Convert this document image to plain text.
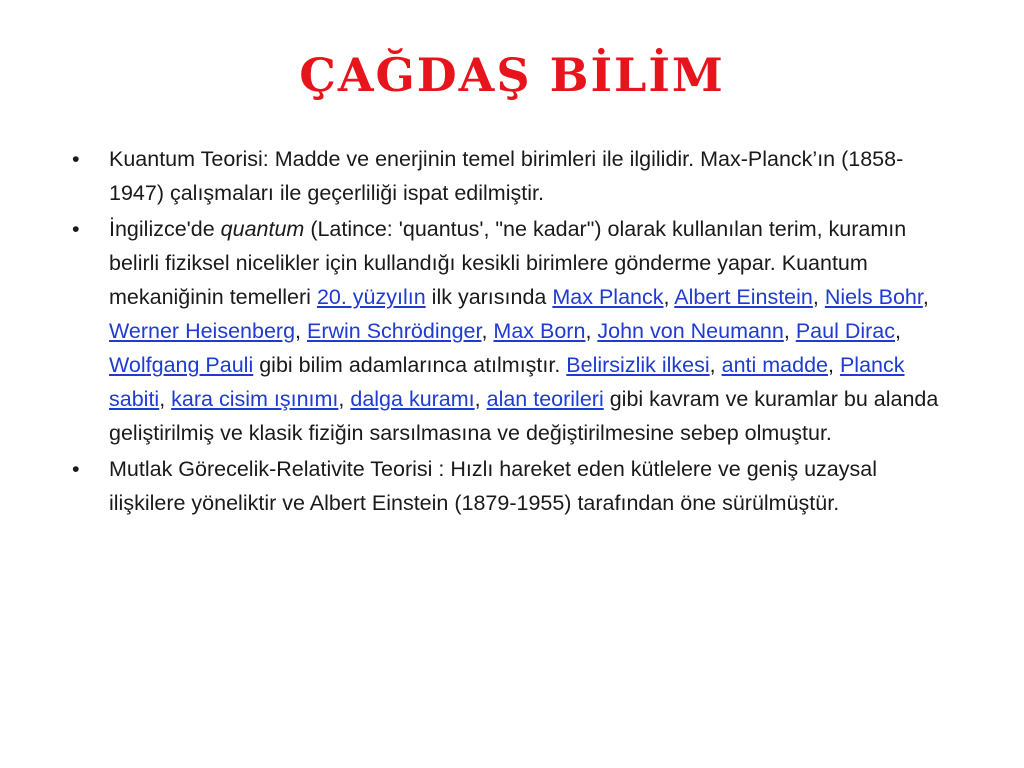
ÇAĞDAŞ BİLİM
•	Kuantum Teorisi: Madde ve enerjinin temel birimleri ile ilgilidir. Max-Planck’ın (1858-1947) çalışmaları ile geçerliliği ispat edilmiştir.
•	İngilizce'de quantum (Latince: 'quantus', "ne kadar") olarak kullanılan terim, kuramın belirli fiziksel nicelikler için kullandığı kesikli birimlere gönderme yapar. Kuantum mekaniğinin temelleri 20. yüzyılın ilk yarısında Max Planck, Albert Einstein, Niels Bohr, Werner Heisenberg, Erwin Schrödinger, Max Born, John von Neumann, Paul Dirac, Wolfgang Pauli gibi bilim adamlarınca atılmıştır. Belirsizlik ilkesi, anti madde, Planck sabiti, kara cisim ışınımı, dalga kuramı, alan teorileri gibi kavram ve kuramlar bu alanda geliştirilmiş ve klasik fiziğin sarsılmasına ve değiştirilmesine sebep olmuştur.
•	Mutlak Görecelik-Relativite Teorisi : Hızlı hareket eden kütlelere ve geniş uzaysal ilişkilere yöneliktir ve Albert Einstein (1879-1955) tarafından öne sürülmüştür.
